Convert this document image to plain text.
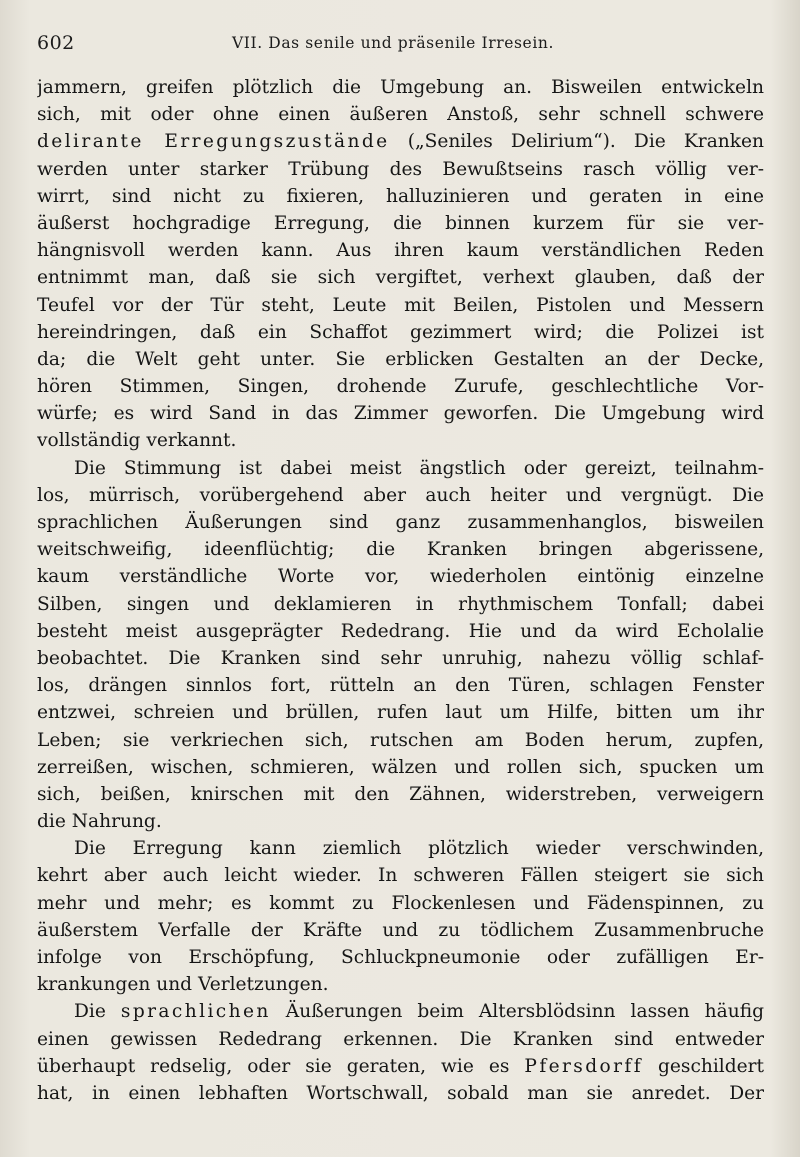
602	VII. Das senile und präsenile Irresein.
jammern, greifen plötzlich die Umgebung an. Bisweilen entwickeln
sich, mit oder ohne einen äußeren Anstoß, sehr schnell schwere
delirante Erregungszustände („Seniles Delirium“). Die Kranken
werden unter starker Trübung des Bewußtseins rasch völlig ver-
wirrt, sind nicht zu fixieren, halluzinieren und geraten in eine
äußerst hochgradige Erregung, die binnen kurzem für sie ver-
hängnisvoll werden kann. Aus ihren kaum verständlichen Reden
entnimmt man, daß sie sich vergiftet, verhext glauben, daß der
Teufel vor der Tür steht, Leute mit Beilen, Pistolen und Messern
hereindringen, daß ein Schaffot gezimmert wird; die Polizei ist
da; die Welt geht unter. Sie erblicken Gestalten an der Decke,
hören Stimmen, Singen, drohende Zurufe, geschlechtliche Vor-
würfe; es wird Sand in das Zimmer geworfen. Die Umgebung wird
vollständig verkannt.
Die Stimmung ist dabei meist ängstlich oder gereizt, teilnahm-
los, mürrisch, vorübergehend aber auch heiter und vergnügt. Die
sprachlichen Äußerungen sind ganz zusammenhanglos, bisweilen
weitschweifig, ideenflüchtig; die Kranken bringen abgerissene,
kaum verständliche Worte vor, wiederholen eintönig einzelne
Silben, singen und deklamieren in rhythmischem Tonfall; dabei
besteht meist ausgeprägter Rededrang. Hie und da wird Echolalie
beobachtet. Die Kranken sind sehr unruhig, nahezu völlig schlaf-
los, drängen sinnlos fort, rütteln an den Türen, schlagen Fenster
entzwei, schreien und brüllen, rufen laut um Hilfe, bitten um ihr
Leben; sie verkriechen sich, rutschen am Boden herum, zupfen,
zerreißen, wischen, schmieren, wälzen und rollen sich, spucken um
sich, beißen, knirschen mit den Zähnen, widerstreben, verweigern
die Nahrung.
Die Erregung kann ziemlich plötzlich wieder verschwinden,
kehrt aber auch leicht wieder. In schweren Fällen steigert sie sich
mehr und mehr; es kommt zu Flockenlesen und Fädenspinnen, zu
äußerstem Verfalle der Kräfte und zu tödlichem Zusammenbruche
infolge von Erschöpfung, Schluckpneumonie oder zufälligen Er-
krankungen und Verletzungen.
Die sprachlichen Äußerungen beim Altersblödsinn lassen häufig
einen gewissen Rededrang erkennen. Die Kranken sind entweder
überhaupt redselig, oder sie geraten, wie es Pfersdorff geschildert
hat, in einen lebhaften Wortschwall, sobald man sie anredet. Der
